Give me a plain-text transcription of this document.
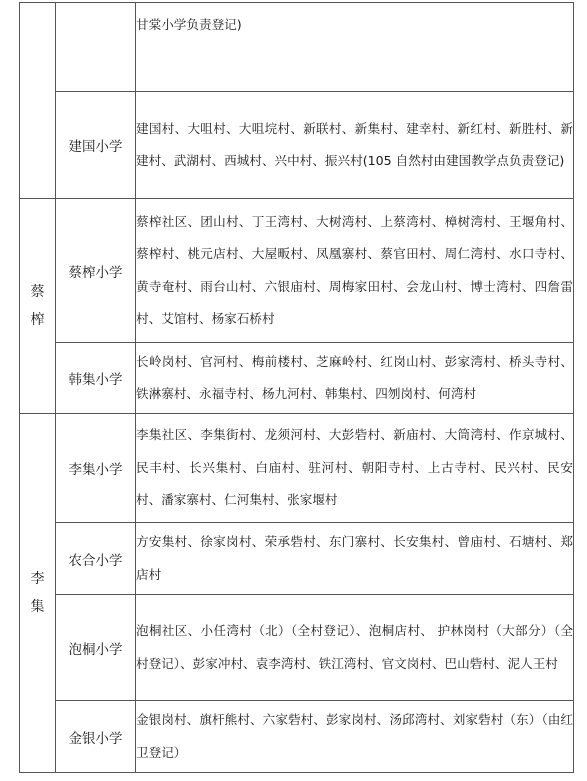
		甘棠小学负责登记)
	建国小学	建国村、大咀村、大咀垸村、新联村、新集村、建幸村、新红村、新胜村、新建村、武湖村、西城村、兴中村、振兴村(105 自然村由建国教学点负责登记)

蔡榨	蔡榨小学	蔡榨社区、团山村、丁王湾村、大树湾村、上蔡湾村、樟树湾村、王堰角村、蔡榨村、桃元店村、大屋畈村、凤凰寨村、蔡官田村、周仁湾村、水口寺村、黄寺奄村、雨台山村、六银庙村、周梅家田村、会龙山村、博士湾村、四詹雷村、艾馆村、杨家石桥村
	韩集小学	长岭岗村、官河村、梅前楼村、芝麻岭村、红岗山村、彭家湾村、桥头寺村、铁淋寨村、永福寺村、杨九河村、韩集村、四刎岗村、何湾村

李集	李集小学	李集社区、李集街村、龙须河村、大彭砦村、新庙村、大筒湾村、作京城村、民丰村、长兴集村、白庙村、驻河村、朝阳寺村、上古寺村、民兴村、民安村、潘家寨村、仁河集村、张家堰村
	农合小学	方安集村、徐家岗村、荣承砦村、东门寨村、长安集村、曾庙村、石塘村、郑店村
	泡桐小学	泡桐社区、小任湾村（北）（全村登记）、泡桐店村、 护林岗村（大部分）（全村登记）、彭家冲村、袁李湾村、铁江湾村、官文岗村、巴山砦村、泥人王村
	金银小学	金银岗村、旗杆熊村、六家砦村、彭家岗村、汤邱湾村、刘家砦村（东）（由红卫登记）
